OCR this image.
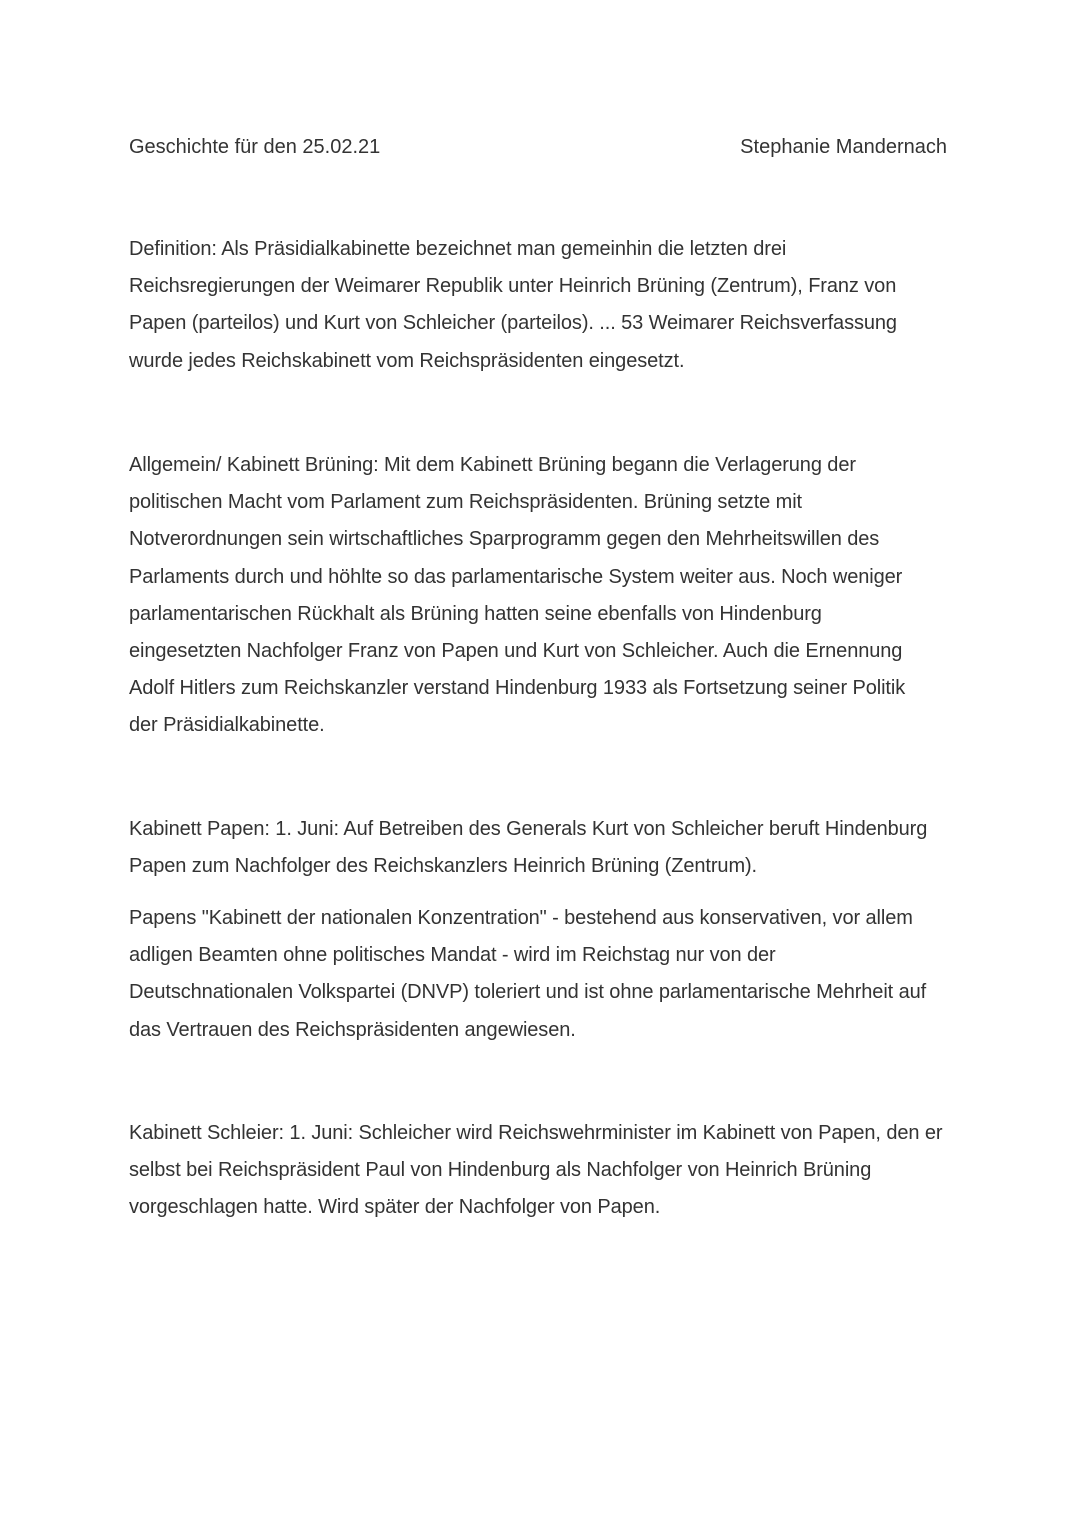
Geschichte für den 25.02.21	Stephanie Mandernach

Definition: Als Präsidialkabinette bezeichnet man gemeinhin die letzten drei
Reichsregierungen der Weimarer Republik unter Heinrich Brüning (Zentrum), Franz von
Papen (parteilos) und Kurt von Schleicher (parteilos). ... 53 Weimarer Reichsverfassung
wurde jedes Reichskabinett vom Reichspräsidenten eingesetzt.

Allgemein/ Kabinett Brüning: Mit dem Kabinett Brüning begann die Verlagerung der
politischen Macht vom Parlament zum Reichspräsidenten. Brüning setzte mit
Notverordnungen sein wirtschaftliches Sparprogramm gegen den Mehrheitswillen des
Parlaments durch und höhlte so das parlamentarische System weiter aus. Noch weniger
parlamentarischen Rückhalt als Brüning hatten seine ebenfalls von Hindenburg
eingesetzten Nachfolger Franz von Papen und Kurt von Schleicher. Auch die Ernennung
Adolf Hitlers zum Reichskanzler verstand Hindenburg 1933 als Fortsetzung seiner Politik
der Präsidialkabinette.

Kabinett Papen: 1. Juni: Auf Betreiben des Generals Kurt von Schleicher beruft Hindenburg
Papen zum Nachfolger des Reichskanzlers Heinrich Brüning (Zentrum).

Papens "Kabinett der nationalen Konzentration" - bestehend aus konservativen, vor allem
adligen Beamten ohne politisches Mandat - wird im Reichstag nur von der
Deutschnationalen Volkspartei (DNVP) toleriert und ist ohne parlamentarische Mehrheit auf
das Vertrauen des Reichspräsidenten angewiesen.

Kabinett Schleier: 1. Juni: Schleicher wird Reichswehrminister im Kabinett von Papen, den er
selbst bei Reichspräsident Paul von Hindenburg als Nachfolger von Heinrich Brüning
vorgeschlagen hatte. Wird später der Nachfolger von Papen.
